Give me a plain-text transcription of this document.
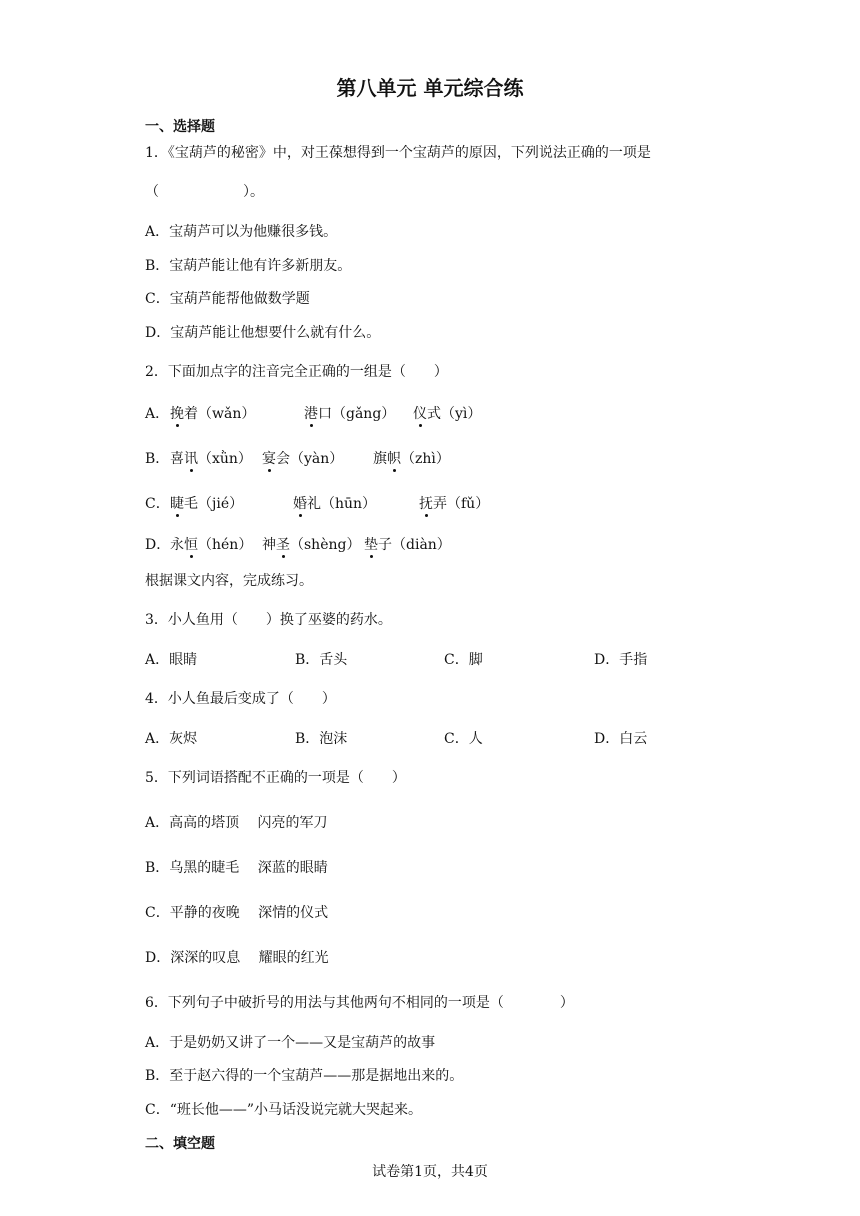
第八单元 单元综合练
一、选择题
1．《宝葫芦的秘密》中，对王葆想得到一个宝葫芦的原因，下列说法正确的一项是
（　　　　　　）。
A．宝葫芦可以为他赚很多钱。
B．宝葫芦能让他有许多新朋友。
C．宝葫芦能帮他做数学题
D．宝葫芦能让他想要什么就有什么。
2．下面加点字的注音完全正确的一组是（　　）
A． 挽着（wǎn）	港口（gǎng） 仪式（yì）
B． 喜讯（xǜn） 宴会（yàn） 旗帜（zhì）
C． 睫毛（jié）	婚礼（hūn）	抚弄（fǔ）
D． 永恒（hén） 神圣（shèng） 垫子（diàn）
根据课文内容，完成练习。
3．小人鱼用（　　）换了巫婆的药水。
A．眼睛	B．舌头	C．脚	D．手指
4．小人鱼最后变成了（　　）
A．灰烬	B．泡沫	C．人	D．白云
5．下列词语搭配不正确的一项是（　　）
A．高高的塔顶　 闪亮的军刀
B．乌黑的睫毛　 深蓝的眼睛
C．平静的夜晚　 深情的仪式
D．深深的叹息　 耀眼的红光
6．下列句子中破折号的用法与其他两句不相同的一项是（　　　　）
A．于是奶奶又讲了一个——又是宝葫芦的故事
B．至于赵六得的一个宝葫芦——那是据地出来的。
C．“班长他——”小马话没说完就大哭起来。
二、填空题
试卷第1页，共4页
